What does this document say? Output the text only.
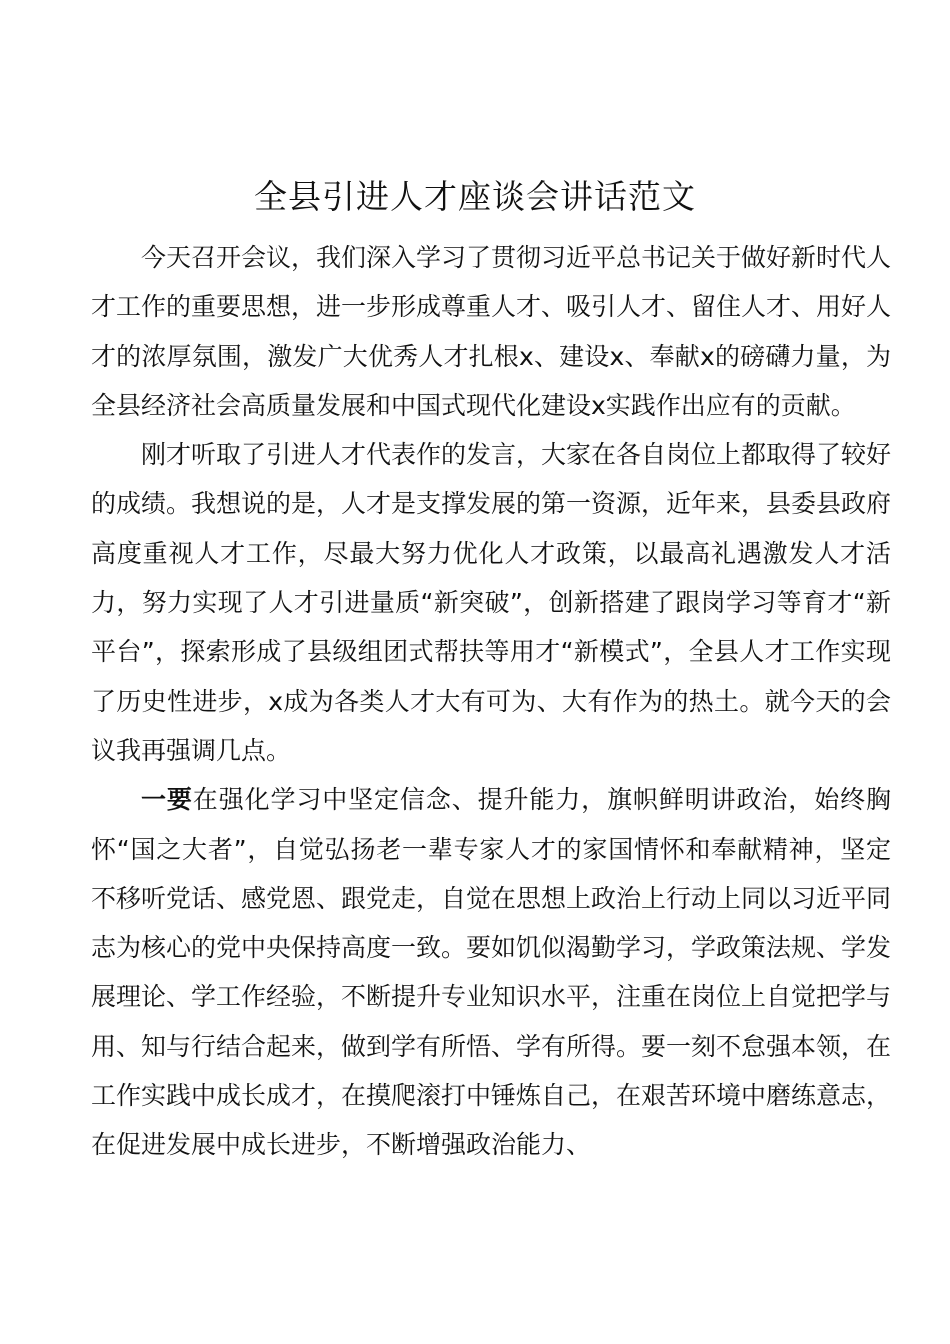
全县引进人才座谈会讲话范文

今天召开会议，我们深入学习了贯彻习近平总书记关于做好新时代人才工作的重要思想，进一步形成尊重人才、吸引人才、留住人才、用好人才的浓厚氛围，激发广大优秀人才扎根x、建设x、奉献x的磅礴力量，为全县经济社会高质量发展和中国式现代化建设x实践作出应有的贡献。

刚才听取了引进人才代表作的发言，大家在各自岗位上都取得了较好的成绩。我想说的是，人才是支撑发展的第一资源，近年来，县委县政府高度重视人才工作，尽最大努力优化人才政策，以最高礼遇激发人才活力，努力实现了人才引进量质“新突破”，创新搭建了跟岗学习等育才“新平台”，探索形成了县级组团式帮扶等用才“新模式”，全县人才工作实现了历史性进步，x成为各类人才大有可为、大有作为的热土。就今天的会议我再强调几点。

一要在强化学习中坚定信念、提升能力，旗帜鲜明讲政治，始终胸怀“国之大者”，自觉弘扬老一辈专家人才的家国情怀和奉献精神，坚定不移听党话、感党恩、跟党走，自觉在思想上政治上行动上同以习近平同志为核心的党中央保持高度一致。要如饥似渴勤学习，学政策法规、学发展理论、学工作经验，不断提升专业知识水平，注重在岗位上自觉把学与用、知与行结合起来，做到学有所悟、学有所得。要一刻不怠强本领，在工作实践中成长成才，在摸爬滚打中锤炼自己，在艰苦环境中磨练意志，在促进发展中成长进步，不断增强政治能力、
